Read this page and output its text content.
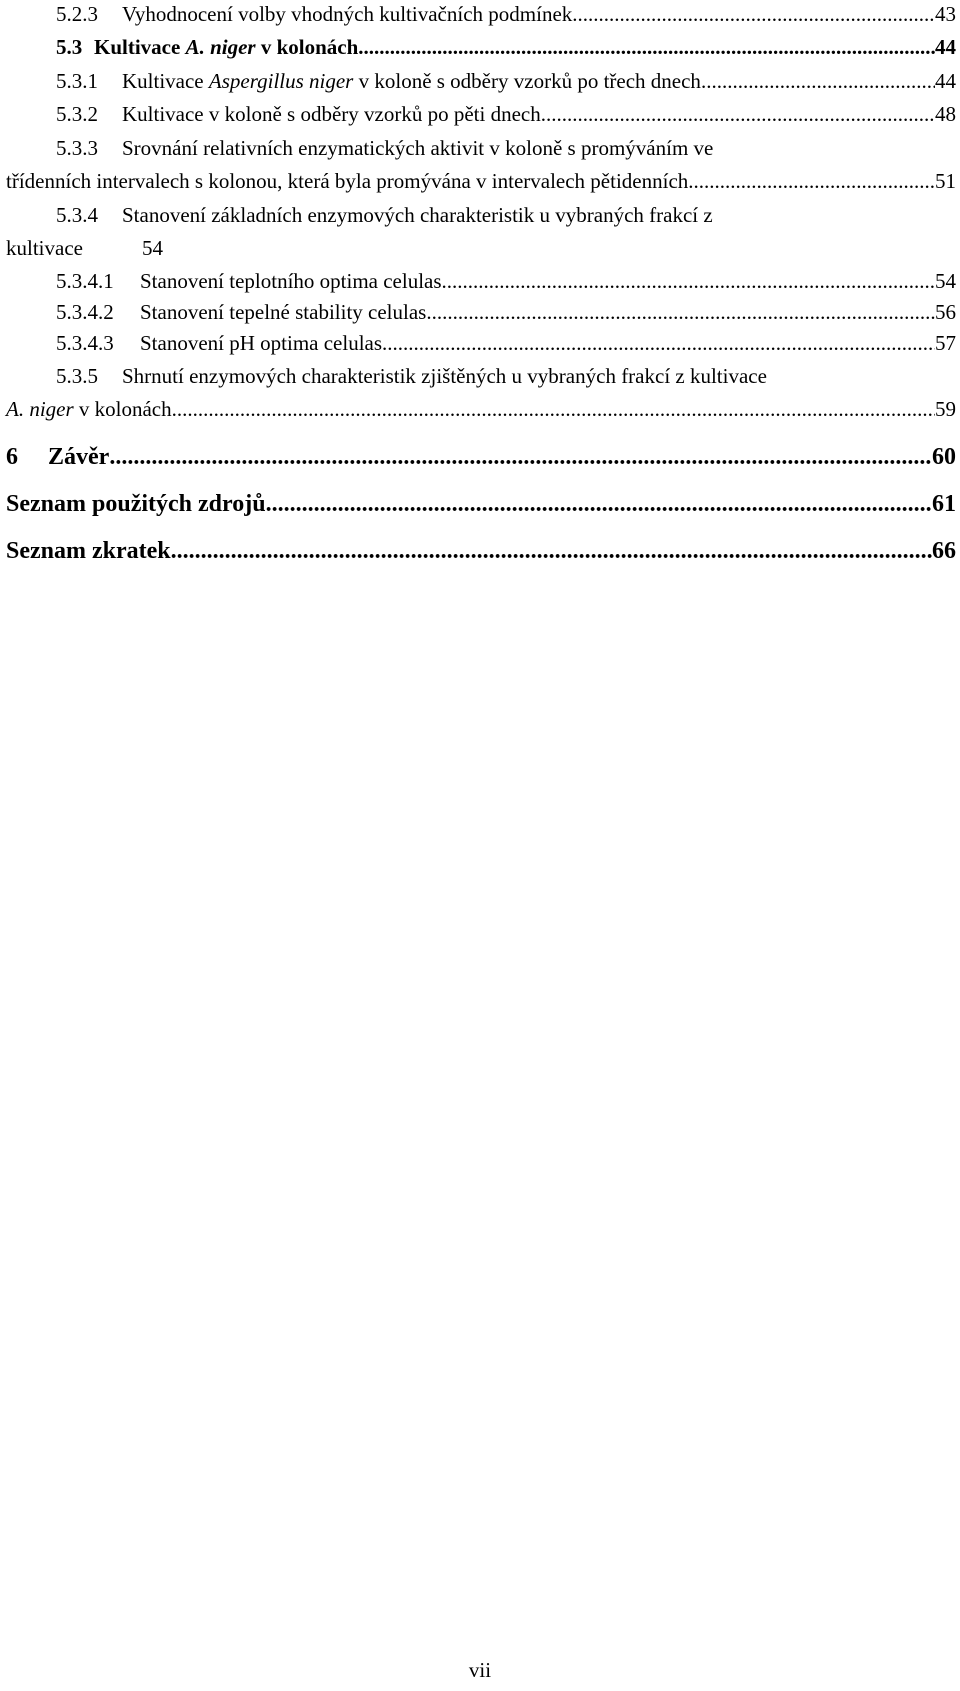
5.2.3	Vyhodnocení volby vhodných kultivačních podmínek .....	43
5.3 Kultivace A. niger v kolonách .....	44
5.3.1	Kultivace Aspergillus niger v koloně s odběry vzorků po třech dnech .....	44
5.3.2	Kultivace v koloně s odběry vzorků po pěti dnech .....	48
5.3.3	Srovnání relativních enzymatických aktivit v koloně s promýváním ve
třídenních intervalech s kolonou, která byla promývána v intervalech pětidenních .....	51
5.3.4	Stanovení základních enzymových charakteristik u vybraných frakcí z
kultivace	54
5.3.4.1	Stanovení teplotního optima celulas .....	54
5.3.4.2	Stanovení tepelné stability celulas .....	56
5.3.4.3	Stanovení pH optima celulas .....	57
5.3.5	Shrnutí enzymových charakteristik zjištěných u vybraných frakcí z kultivace
A. niger v kolonách .....	59
6	Závěr .....	60
Seznam použitých zdrojů .....	61
Seznam zkratek .....	66
vii
